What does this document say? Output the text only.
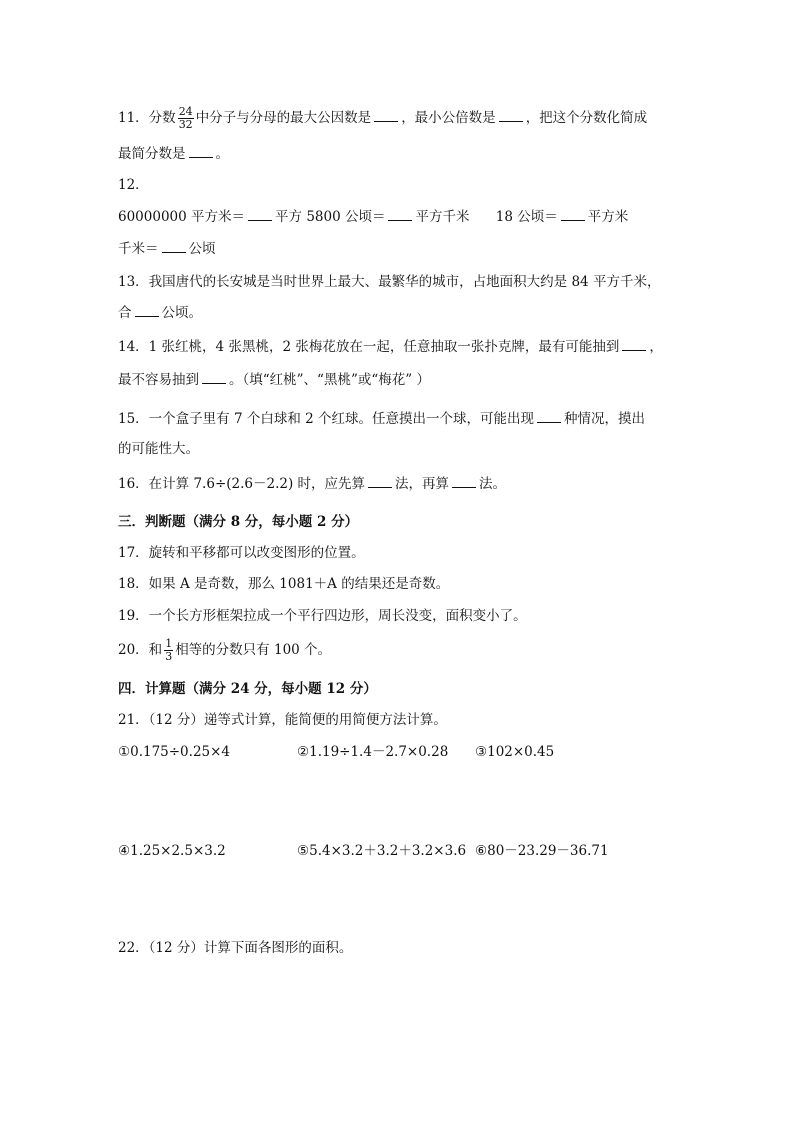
11．分数 $\frac{24}{32}$ 中分子与分母的最大公因数是 ，最小公倍数是 ，把这个分数化简成
最简分数是 。
12．
60000000 平方米＝ 平方 5800 公顷＝ 平方千米 18 公顷＝ 平方米
千米＝ 公顷
13．我国唐代的长安城是当时世界上最大、最繁华的城市，占地面积大约是 84 平方千米，
合 公顷。
14．1 张红桃，4 张黑桃，2 张梅花放在一起，任意抽取一张扑克牌，最有可能抽到 ，
最不容易抽到 。（填“红桃”、“黑桃”或“梅花” ）
15．一个盒子里有 7 个白球和 2 个红球。任意摸出一个球，可能出现 种情况，摸出
的可能性大。
16．在计算 7.6÷(2.6－2.2) 时，应先算 法，再算 法。
三．判断题（满分 8 分，每小题 2 分）
17．旋转和平移都可以改变图形的位置。
18．如果 A 是奇数，那么 1081＋A 的结果还是奇数。
19．一个长方形框架拉成一个平行四边形，周长没变，面积变小了。
20．和 $\frac{1}{3}$ 相等的分数只有 100 个。
四．计算题（满分 24 分，每小题 12 分）
21．（12 分）递等式计算，能简便的用简便方法计算。
①0.175÷0.25×4	②1.19÷1.4－2.7×0.28 ③102×0.45
④1.25×2.5×3.2	⑤5.4×3.2＋3.2＋3.2×3.6 ⑥80－23.29－36.71
22．（12 分）计算下面各图形的面积。
